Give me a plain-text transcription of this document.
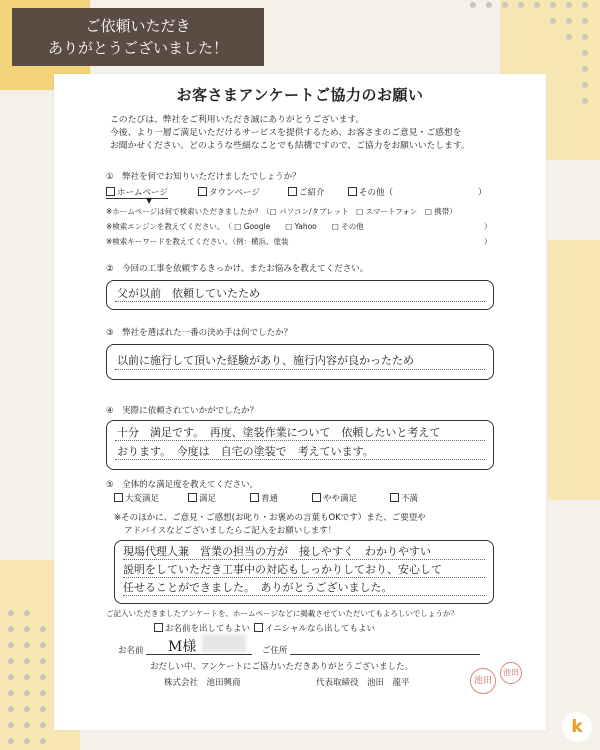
ご依頼いただき
ありがとうございました！
お客さまアンケートご協力のお願い
このたびは、弊社をご利用いただき誠にありがとうございます。
今後、より一層ご満足いただけるサービスを提供するため、お客さまのご意見・ご感想を
お聞かせください。どのような些細なことでも結構ですので、ご協力をお願いいたします。
①　弊社を何でお知りいただけましたでしょうか？
ホームページ	タウンページ	ご紹介	その他（	）
▼
※ホームページは何で検索いただきましたか？（□ パソコン/タブレット　□ スマートフォン　□ 携帯）
※検索エンジンを教えてください。　（ □ Google　　□ Yahoo　　□ その他	）
※検索キーワードを教えてください。（例：横浜、塗装	）
②　今回の工事を依頼するきっかけ、またお悩みを教えてください。
父が以前　依頼していたため
③　弊社を選ばれた一番の決め手は何でしたか？
以前に施行して頂いた経験があり、施行内容が良かったため
④　実際に依頼されていかがでしたか？
十分　満足です。　再度、塗装作業について　依頼したいと考えて
おります。　今度は　自宅の塗装で　考えています。
⑤　全体的な満足度を教えてください。
大変満足	満足	普通	やや満足	不満
※そのほかに、ご意見・ご感想(お叱り・お褒めの言葉もOKです）また、ご要望や
アドバイスなどございましたらご記入をお願いします！
現場代理人兼　営業の担当の方が　接しやすく　わかりやすい
説明をしていただき工事中の対応もしっかりしており、安心して
任せることができました。　ありがとうございました。
ご記入いただきましたアンケートを、ホームページなどに掲載させていただいてもよろしいでしょうか？
お名前を出してもよい	イニシャルなら出してもよい
お名前 M様	ご住所
おだしい中、アンケートにご協力いただきありがとうございました。
株式会社　池田興商	代表取締役　池田　龍平	池田
池田
k
